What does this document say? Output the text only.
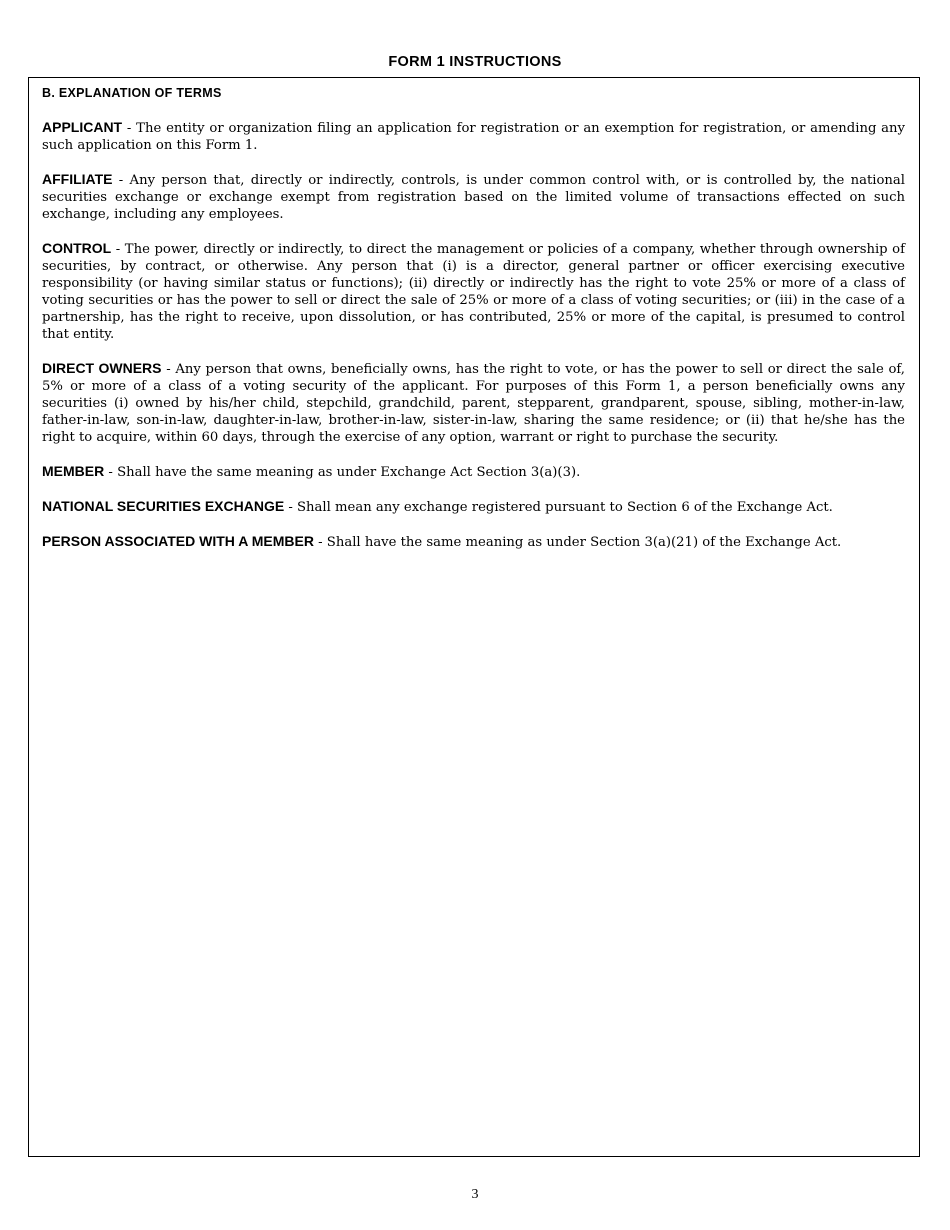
FORM 1 INSTRUCTIONS
B. EXPLANATION OF TERMS

APPLICANT - The entity or organization filing an application for registration or an exemption for registration, or amending any such application on this Form 1.

AFFILIATE - Any person that, directly or indirectly, controls, is under common control with, or is controlled by, the national securities exchange or exchange exempt from registration based on the limited volume of transactions effected on such exchange, including any employees.

CONTROL - The power, directly or indirectly, to direct the management or policies of a company, whether through ownership of securities, by contract, or otherwise. Any person that (i) is a director, general partner or officer exercising executive responsibility (or having similar status or functions); (ii) directly or indirectly has the right to vote 25% or more of a class of voting securities or has the power to sell or direct the sale of 25% or more of a class of voting securities; or (iii) in the case of a partnership, has the right to receive, upon dissolution, or has contributed, 25% or more of the capital, is presumed to control that entity.

DIRECT OWNERS - Any person that owns, beneficially owns, has the right to vote, or has the power to sell or direct the sale of, 5% or more of a class of a voting security of the applicant. For purposes of this Form 1, a person beneficially owns any securities (i) owned by his/her child, stepchild, grandchild, parent, stepparent, grandparent, spouse, sibling, mother-in-law, father-in-law, son-in-law, daughter-in-law, brother-in-law, sister-in-law, sharing the same residence; or (ii) that he/she has the right to acquire, within 60 days, through the exercise of any option, warrant or right to purchase the security.

MEMBER - Shall have the same meaning as under Exchange Act Section 3(a)(3).

NATIONAL SECURITIES EXCHANGE - Shall mean any exchange registered pursuant to Section 6 of the Exchange Act.

PERSON ASSOCIATED WITH A MEMBER - Shall have the same meaning as under Section 3(a)(21) of the Exchange Act.

3
